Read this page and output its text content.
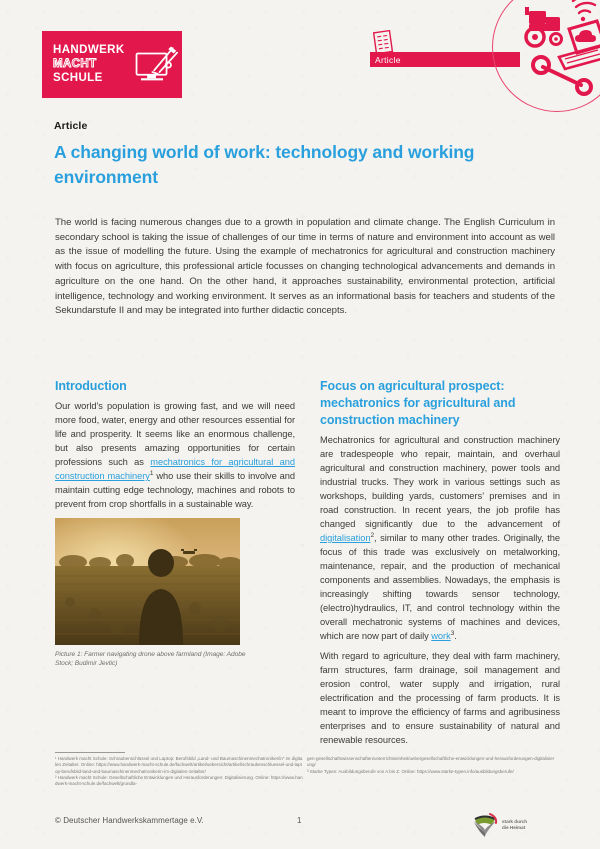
HANDWERK
MACHT
SCHULE
Article
Article
A changing world of work: technology and working environment
The world is facing numerous changes due to a growth in population and climate change. The English Curriculum in secondary school is taking the issue of challenges of our time in terms of nature and environment into account as well as the issue of modelling the future. Using the example of mechatronics for agricultural and construction machinery with focus on agriculture, this professional article focusses on changing technological advancements and demands in agriculture on the one hand. On the other hand, it approaches sustainability, environmental protection, artificial intelligence, technology and working environment. It serves as an informational basis for teachers and students of the Sekundarstufe II and may be integrated into further didactic concepts.
Introduction

Our world’s population is growing fast, and we will need more food, water, energy and other resources essential for life and prosperity. It seems like an enormous challenge, but also presents amazing opportunities for certain professions such as mechatronics for agricultural and construction machinery$^1$ who use their skills to involve and maintain cutting edge technology, machines and robots to prevent from crop shortfalls in a sustainable way.

Picture 1: Farmer navigating drone above farmland (Image: Adobe Stock; Budimir Jevtic)
Focus on agricultural prospect: mechatronics for agricultural and construction machinery

Mechatronics for agricultural and construction machinery are tradespeople who repair, maintain, and overhaul agricultural and construction machinery, power tools and industrial trucks. They work in various settings such as workshops, building yards, customers’ premises and in road construction. In recent years, the job profile has changed significantly due to the advancement of digitalisation$^2$, similar to many other trades. Originally, the focus of this trade was exclusively on metalworking, maintenance, repair, and the production of mechanical components and assemblies. Nowadays, the emphasis is increasingly shifting towards sensor technology, (electro)hydraulics, IT, and control technology within the overall mechatronic systems of machines and devices, which are now part of daily work$^3$.

With regard to agriculture, they deal with farm machinery, farm structures, farm drainage, soil management and erosion control, water supply and irrigation, rural electrification and the processing of farm products. It is meant to improve the efficiency of farms and agribusiness enterprises and to ensure sustainability of natural and renewable resources.

¹ Handwerk macht Schule: Schraubenschlüssel und Laptop: Berufsbild „Land- und Baumaschinenmechatroniker/in“ im digitalen Zeitalter. Online: https://www.handwerk-macht-schule.de/fachwelt/artikel/uebersicht/artikel/schraubenschluessel-und-laptop-berufsbild-land-und-baumaschinenmechatronikerin-im-digitalen-zeitalter/

² Handwerk macht Schule: Gesellschaftliche Entwicklungen und Herausforderungen: Digitalisierung. Online: https://www.handwerk-macht-schule.de/fachwelt/grundla-

gen-gesellschaftswissenschaften/unterrichtseinheit/uebergesellschaftliche-entwicklungen-und-herausforderungen-digitalisierung/

³ Starke Typen: Ausbildungsberufe von A bis Z. Online: https://www.starke-typen.info/ausbildungsberufe/

© Deutscher Handwerkskammertage e.V.	1	stark durch
die Heimat
